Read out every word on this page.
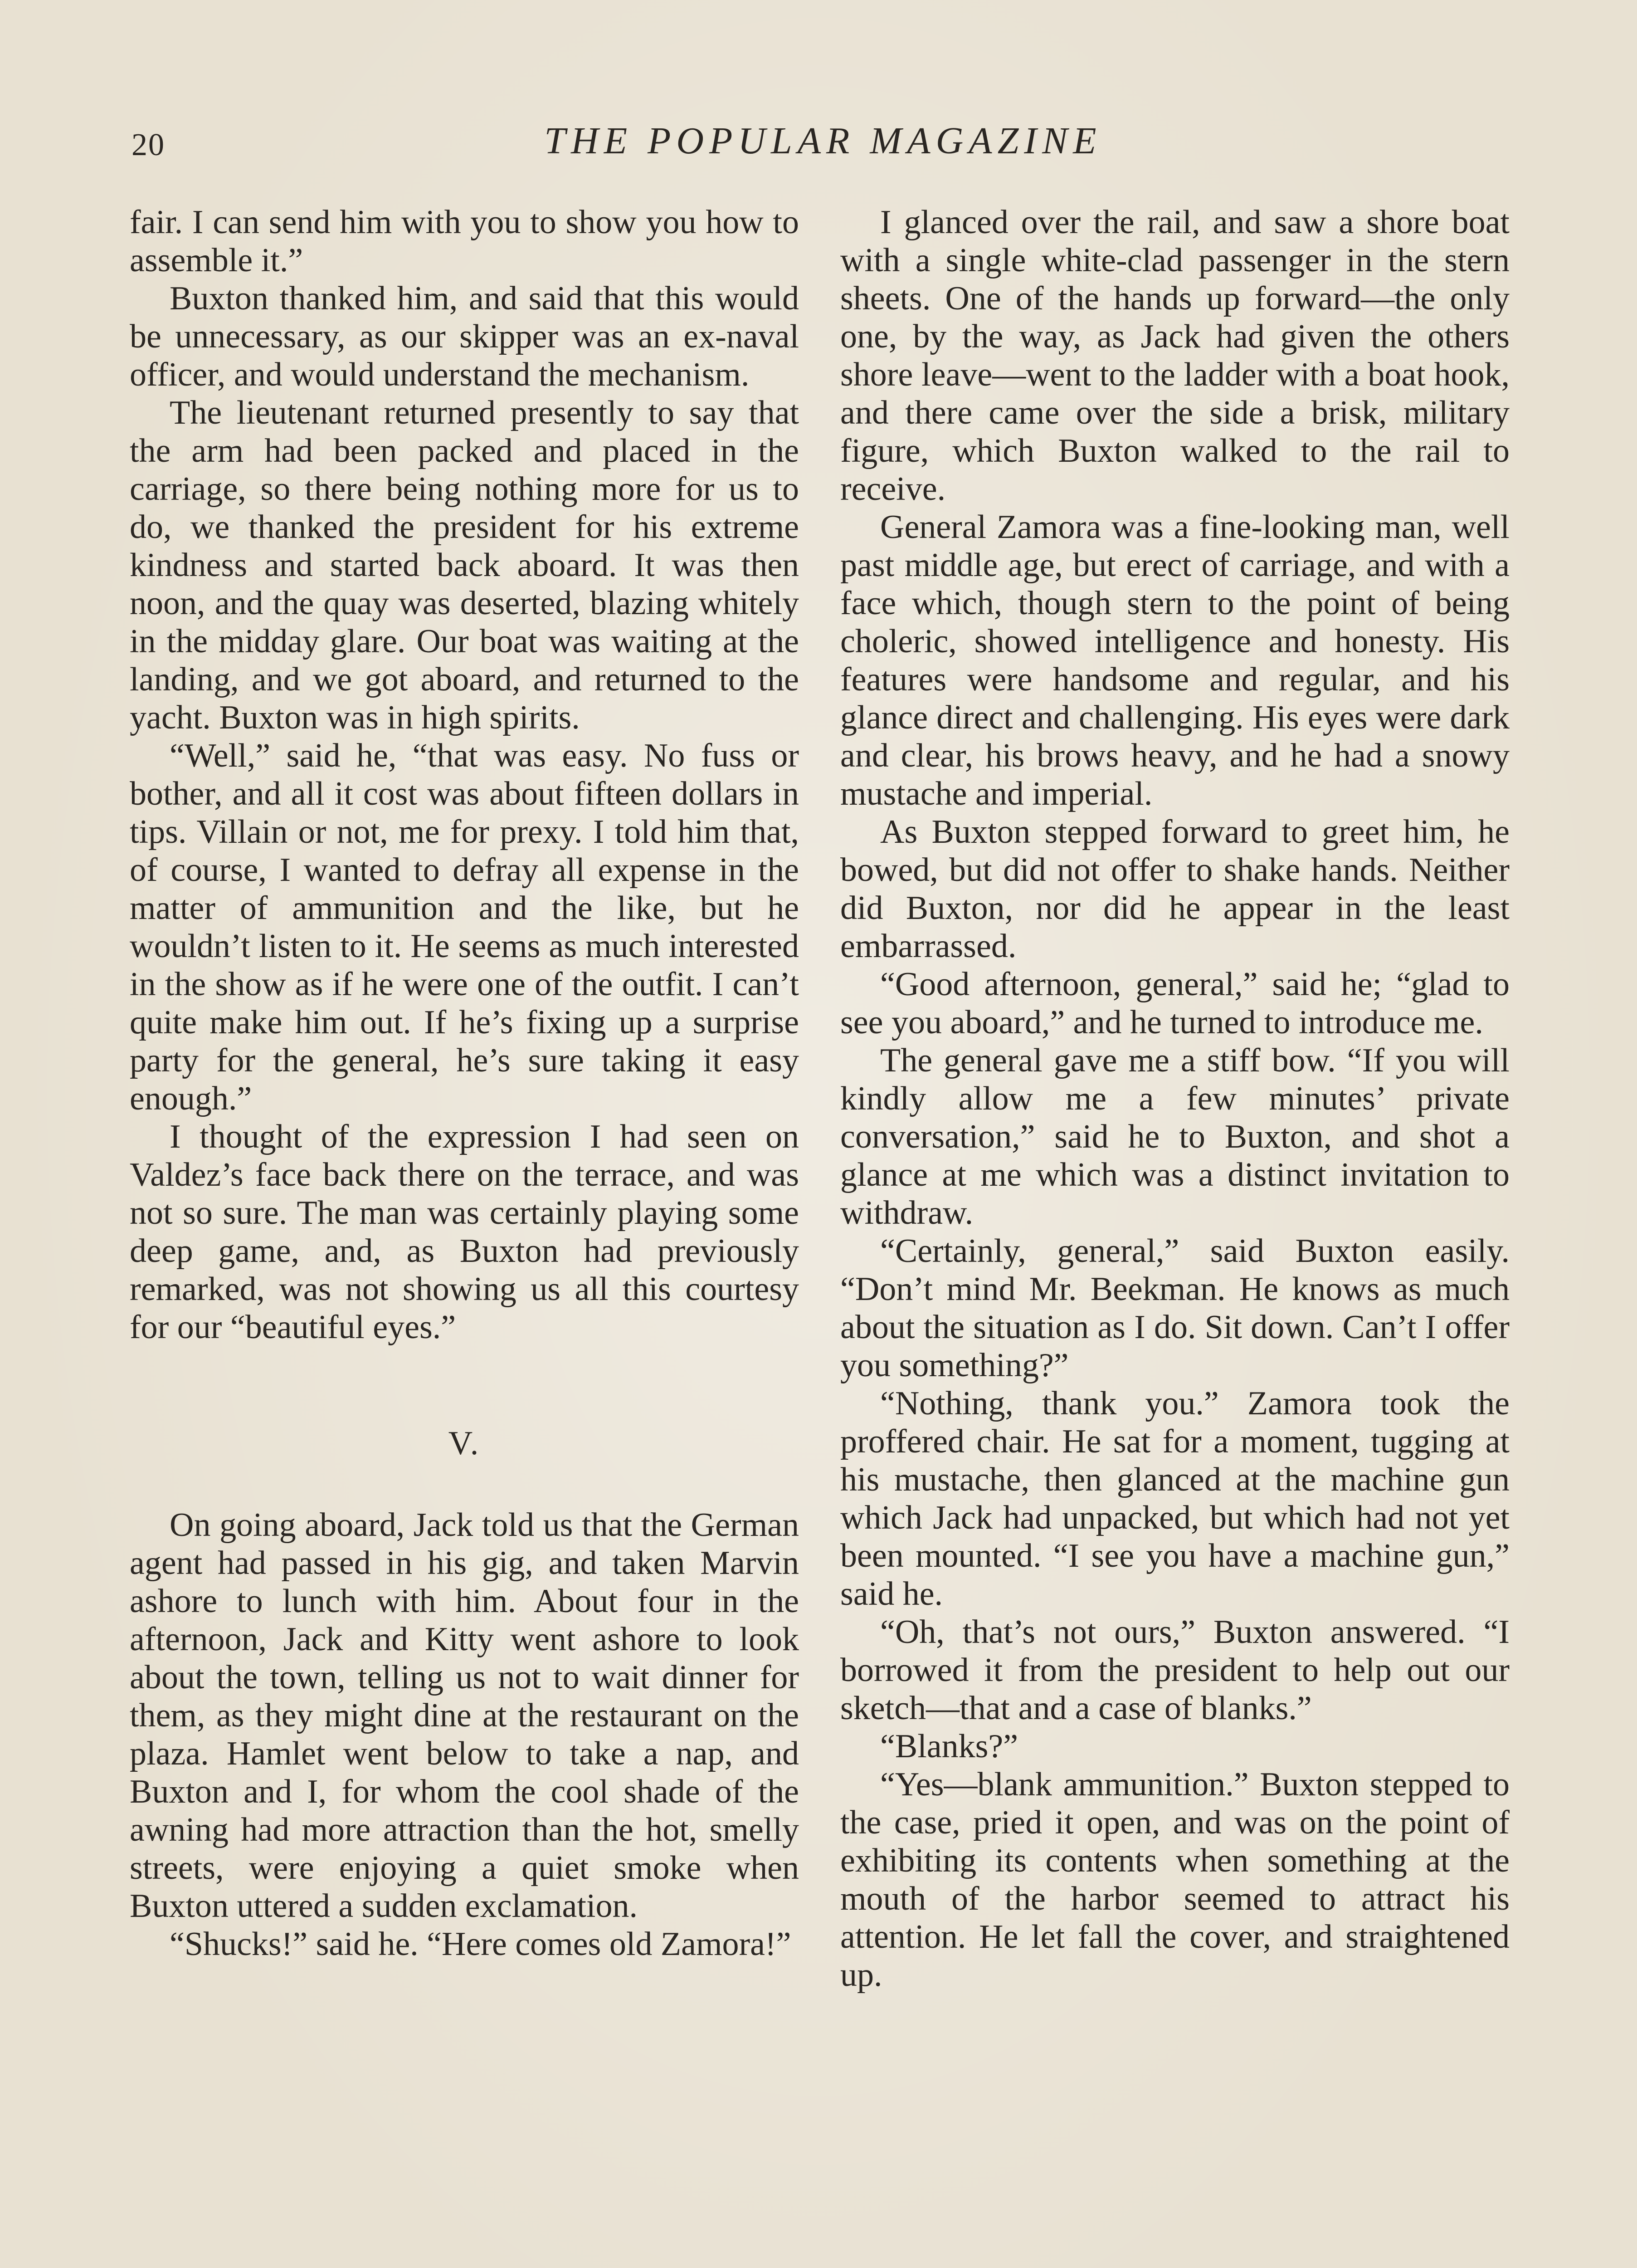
20	THE POPULAR MAGAZINE

fair. I can send him with you to show you how to assemble it.”

Buxton thanked him, and said that this would be unnecessary, as our skipper was an ex-naval officer, and would understand the mechanism.

The lieutenant returned presently to say that the arm had been packed and placed in the carriage, so there being nothing more for us to do, we thanked the president for his extreme kindness and started back aboard. It was then noon, and the quay was deserted, blazing whitely in the midday glare. Our boat was waiting at the landing, and we got aboard, and returned to the yacht. Buxton was in high spirits.

“Well,” said he, “that was easy. No fuss or bother, and all it cost was about fifteen dollars in tips. Villain or not, me for prexy. I told him that, of course, I wanted to defray all expense in the matter of ammunition and the like, but he wouldn’t listen to it. He seems as much interested in the show as if he were one of the outfit. I can’t quite make him out. If he’s fixing up a surprise party for the general, he’s sure taking it easy enough.”

I thought of the expression I had seen on Valdez’s face back there on the terrace, and was not so sure. The man was certainly playing some deep game, and, as Buxton had previously remarked, was not showing us all this courtesy for our “beautiful eyes.”

V.

On going aboard, Jack told us that the German agent had passed in his gig, and taken Marvin ashore to lunch with him. About four in the afternoon, Jack and Kitty went ashore to look about the town, telling us not to wait dinner for them, as they might dine at the restaurant on the plaza. Hamlet went below to take a nap, and Buxton and I, for whom the cool shade of the awning had more attraction than the hot, smelly streets, were enjoying a quiet smoke when Buxton uttered a sudden exclamation.

“Shucks!” said he. “Here comes old Zamora!”

I glanced over the rail, and saw a shore boat with a single white-clad passenger in the stern sheets. One of the hands up forward—the only one, by the way, as Jack had given the others shore leave—went to the ladder with a boat hook, and there came over the side a brisk, military figure, which Buxton walked to the rail to receive.

General Zamora was a fine-looking man, well past middle age, but erect of carriage, and with a face which, though stern to the point of being choleric, showed intelligence and honesty. His features were handsome and regular, and his glance direct and challenging. His eyes were dark and clear, his brows heavy, and he had a snowy mustache and imperial.

As Buxton stepped forward to greet him, he bowed, but did not offer to shake hands. Neither did Buxton, nor did he appear in the least embarrassed.

“Good afternoon, general,” said he; “glad to see you aboard,” and he turned to introduce me.

The general gave me a stiff bow. “If you will kindly allow me a few minutes’ private conversation,” said he to Buxton, and shot a glance at me which was a distinct invitation to withdraw.

“Certainly, general,” said Buxton easily. “Don’t mind Mr. Beekman. He knows as much about the situation as I do. Sit down. Can’t I offer you something?”

“Nothing, thank you.” Zamora took the proffered chair. He sat for a moment, tugging at his mustache, then glanced at the machine gun which Jack had unpacked, but which had not yet been mounted. “I see you have a machine gun,” said he.

“Oh, that’s not ours,” Buxton answered. “I borrowed it from the president to help out our sketch—that and a case of blanks.”

“Blanks?”

“Yes—blank ammunition.” Buxton stepped to the case, pried it open, and was on the point of exhibiting its contents when something at the mouth of the harbor seemed to attract his attention. He let fall the cover, and straightened up.
